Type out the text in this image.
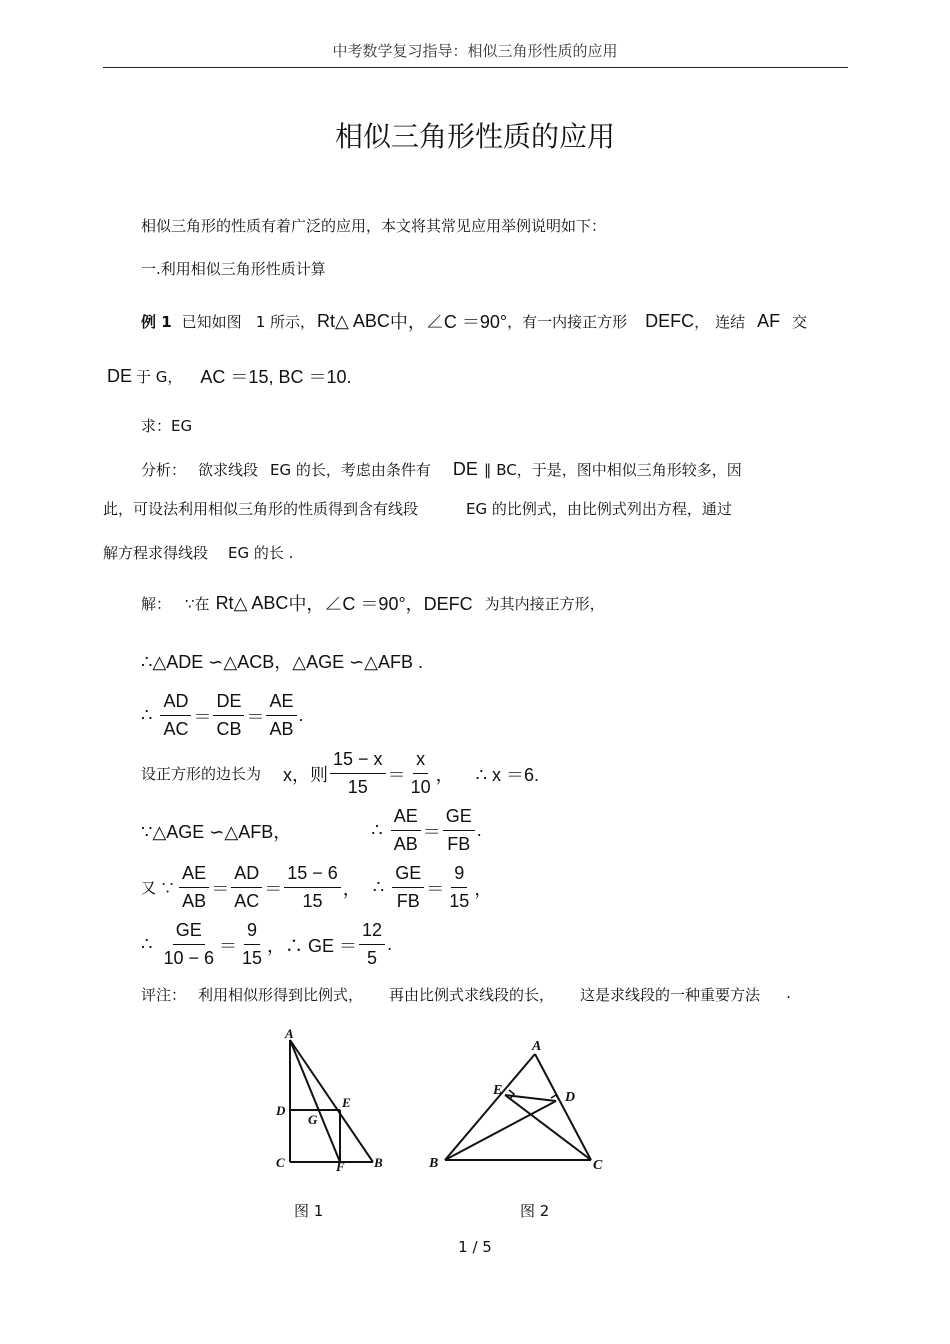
中考数学复习指导：相似三角形性质的应用
相似三角形性质的应用
相似三角形的性质有着广泛的应用，本文将其常见应用举例说明如下：
一.利用相似三角形性质计算
例 1 已知如图 1 所示， Rt△ ABC 中，∠C ＝90° ，有一内接正方形 DEFC ， 连结 AF 交
DE 于 G， AC ＝15, BC ＝10.
求：EG
分析： 欲求线段 EG 的长，考虑由条件有 DE ∥ BC，于是，图中相似三角形较多，因
此，可设法利用相似三角形的性质得到含有线段	EG 的比例式，由比例式列出方程，通过
解方程求得线段 EG 的长 .
解： ∵在 Rt△ ABC 中，∠C ＝90°，DEFC 为其内接正方形，
∴△ADE ∽△ACB，△AGE ∽△AFB .
∴ $\frac{AD}{AC} = \frac{DE}{CB} = \frac{AE}{AB}$ .
设正方形的边长为 x，则 $\frac{15 - x}{15} = \frac{x}{10}$ ， ∴ x ＝6.
∵△AGE ∽△AFB，	∴ $\frac{AE}{AB} = \frac{GE}{FB}$ .
又 ∵ $\frac{AE}{AB} = \frac{AD}{AC} = \frac{15 - 6}{15}$ ， ∴ $\frac{GE}{FB} = \frac{9}{15}$ ，
∴ $\frac{GE}{10 - 6} = \frac{9}{15}$ ，∴ GE ＝ $\frac{12}{5}$ .
评注： 利用相似形得到比例式， 再由比例式求线段的长， 这是求线段的一种重要方法 .
A
D
E
G
C	F B
A
E	D
B	C
图 1	图 2
1 / 5
